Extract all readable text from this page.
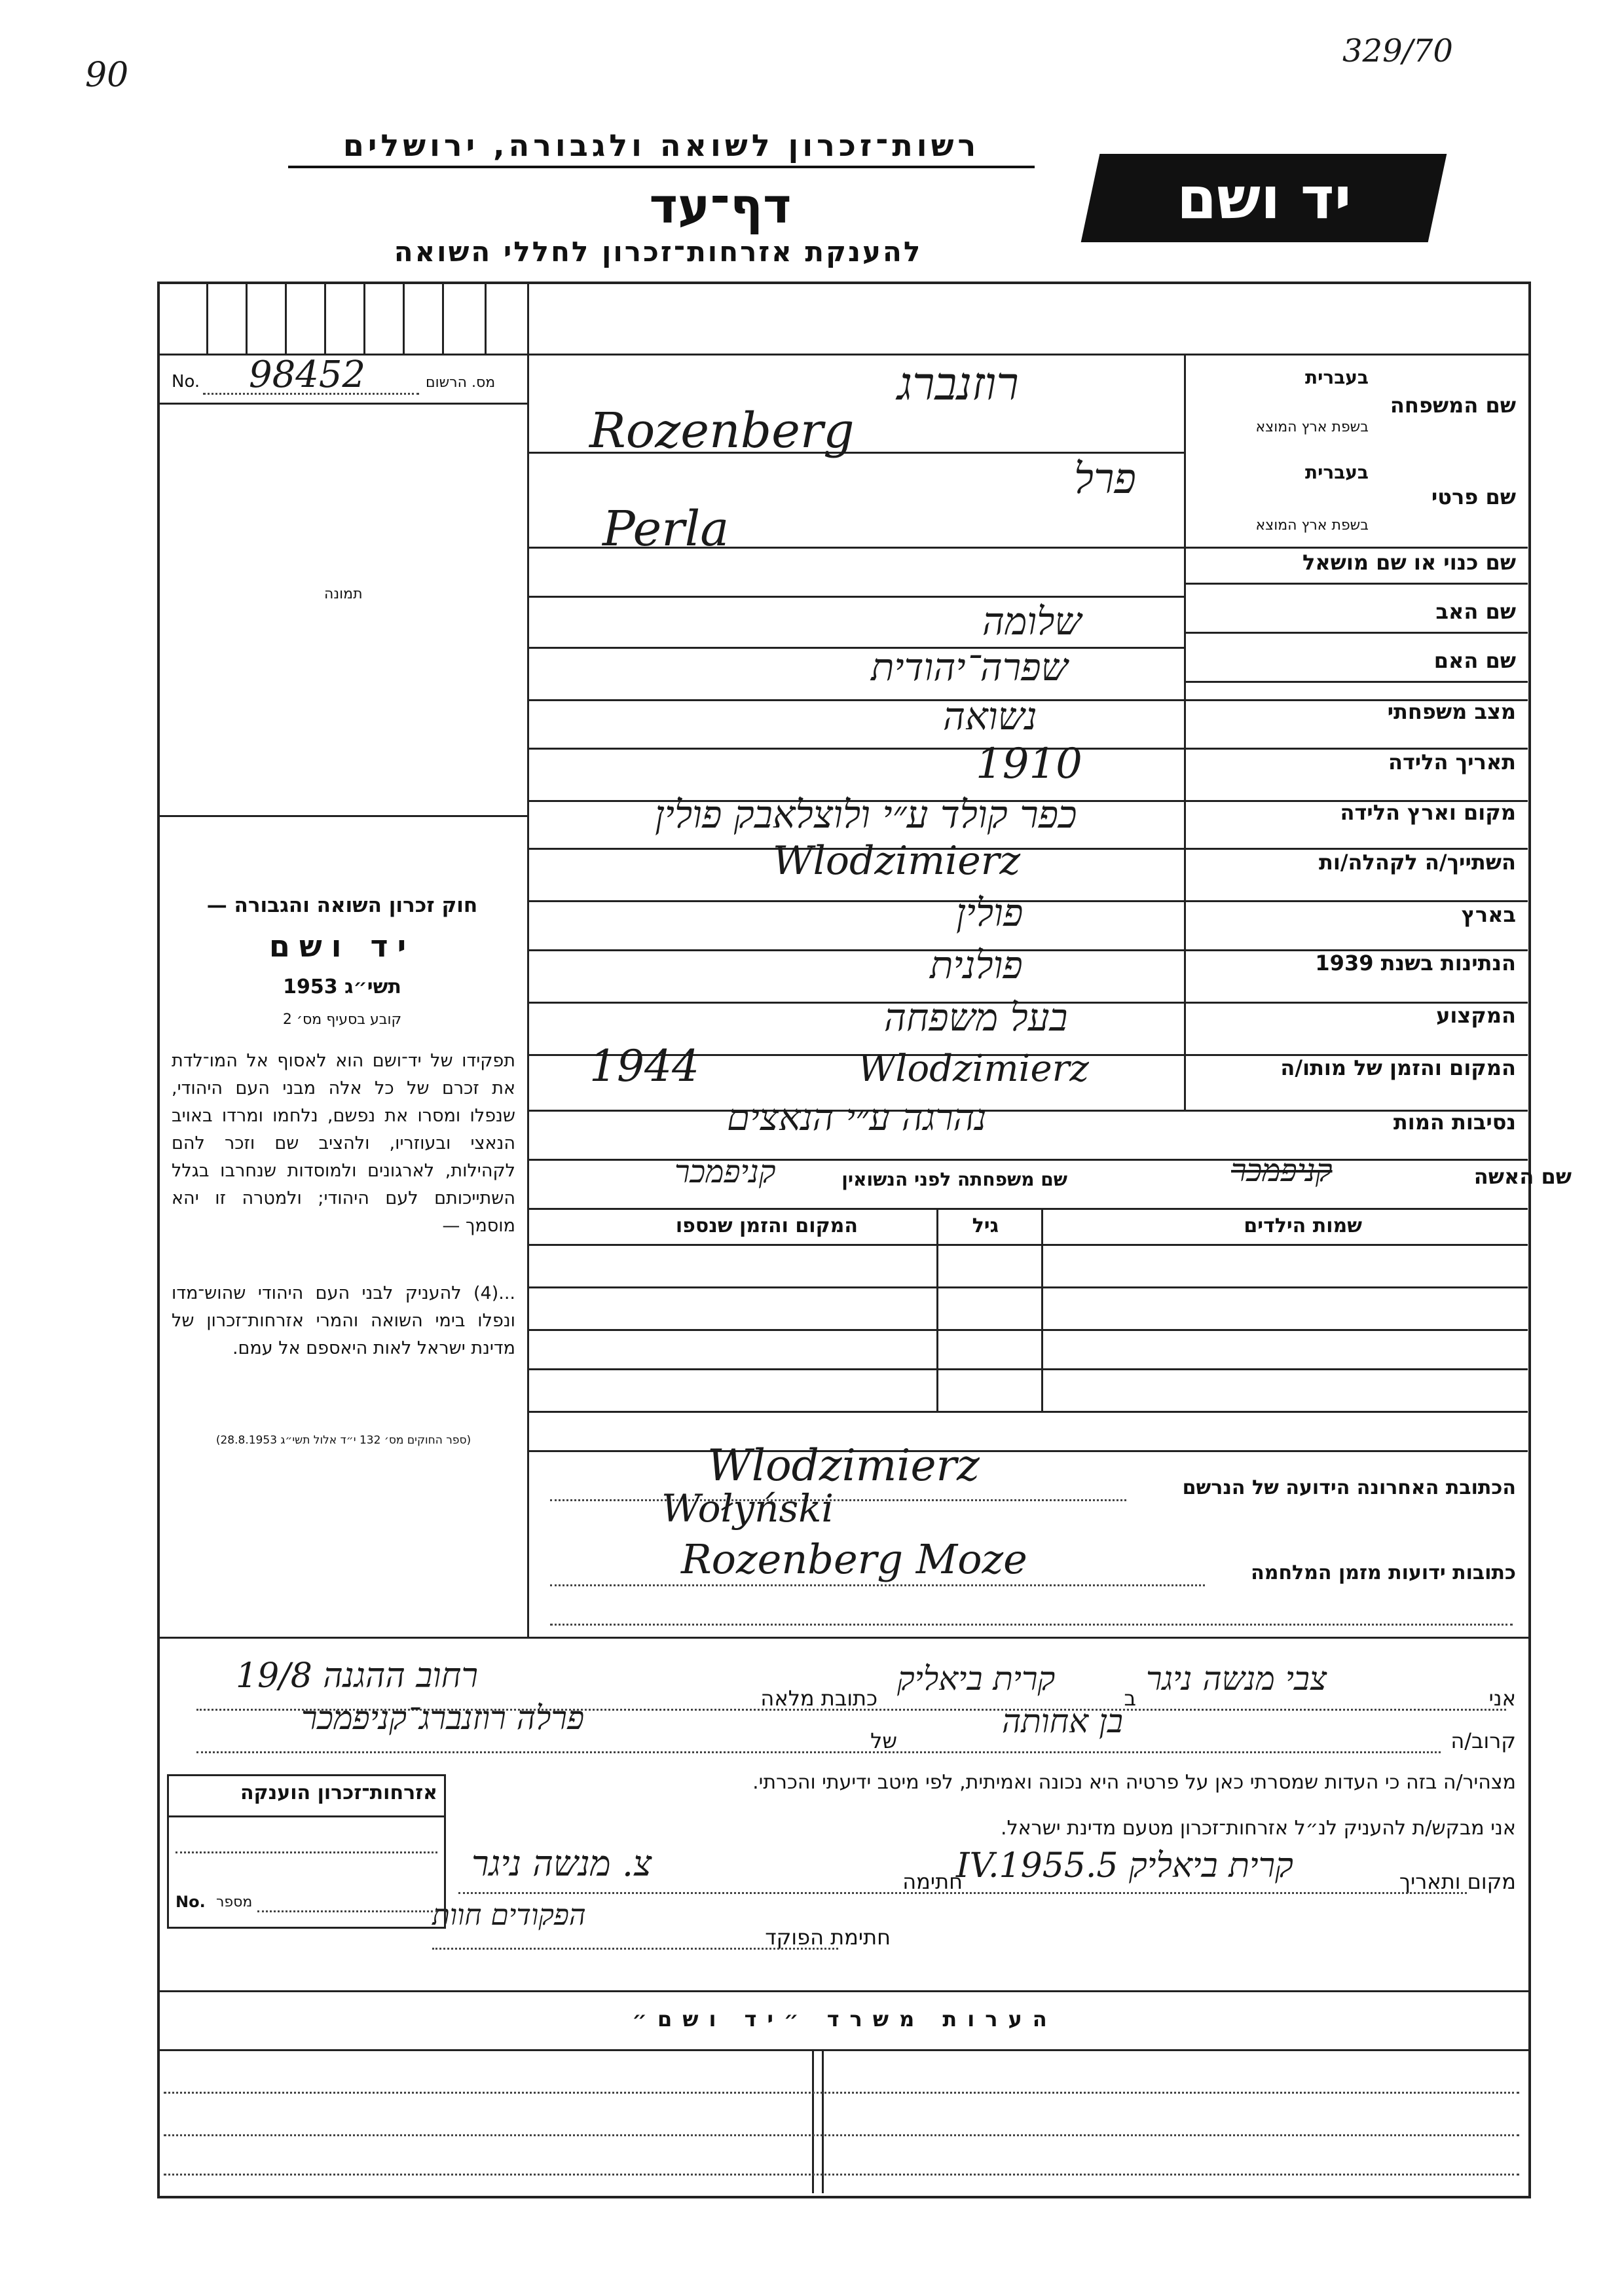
329/70
90
רשות־זכרון לשואה ולגבורה, ירושלים
דף־עד
להענקת אזרחות־זכרון לחללי השואה
יד ושם
מס. הרשום
No. 98452
תמונה
שם המשפחה
בעברית
בשפת ארץ המוצא
רוזנברג
Rozenberg
שם פרטי
בעברית
בשפת ארץ המוצא
פרל
Perla
שם כנוי או שם מושאל
שם האב
שלומה
שם האם
שפרה־יהודית
מצב משפחתי
נשואה
תאריך הלידה
1910
מקום וארץ הלידה
כפר קולד ע״י ולוצלאבק פולין
השתייך/ה לקהלה/ות
Wlodzimierz
בארץ
פולין
הנתינות בשנת 1939
פולנית
המקצוע
בעל משפחה
המקום והזמן של מותו/ה
1944	Wlodzimierz
נסיבות המות
נהרגה ע״י הנאצים
שם האשה
קניפמכר
שם משפחתה לפני הנשואין
קניפמכר
שמות הילדים
גיל
המקום והזמן שנספו
חוק זכרון השואה והגבורה —
יד ושם
תשי״ג 1953
קובע בסעיף מס׳ 2
תפקידו של יד־ושם הוא לאסוף אל המו־לדת את זכרם של כל אלה מבני העם היהודי, שנפלו ומסרו את נפשם, נלחמו ומרדו באויב הנאצי ובעוזריו, ולהציב שם וזכר להם לקהילות, לארגונים ולמוסדות שנחרבו בגלל השתייכותם לעם היהודי; ולמטרה זו יהא מוסמך —
...(4) להעניק לבני העם היהודי שהוש־מדו ונפלו בימי השואה והמרי אזרחות־זכרון של מדינת ישראל לאות היאספם אל עמם.
(ספר החוקים מס׳ 132 י״ד אלול תשי״ג 28.8.1953)
הכתובת האחרונה הידועה של הנרשם
Wlodzimierz
Wołyński
Rozenberg Moze	כתובות ידועות מזמן המלחמה
אני
צבי מנשה ניגר
ב
קרית ביאליק
כתובת מלאה
רחוב ההגנה 19/8
קרוב/ה
בן אחותה
של
פרלה רוזנברג־קניפמכר
מצהיר/ה בזה כי העדות שמסרתי כאן על פרטיה היא נכונה ואמיתית, לפי מיטב ידיעתי והכרתי.
אני מבקש/ת להעניק לנ״ל אזרחות־זכרון מטעם מדינת ישראל.
מקום ותאריך
קרית ביאליק 5.IV.1955
חתימה
צ. מנשה ניגר
חתימת הפוקד
הפקודים חוות
אזרחות־זכרון הוענקה
No. מספר
הערות משרד ״יד ושם״
